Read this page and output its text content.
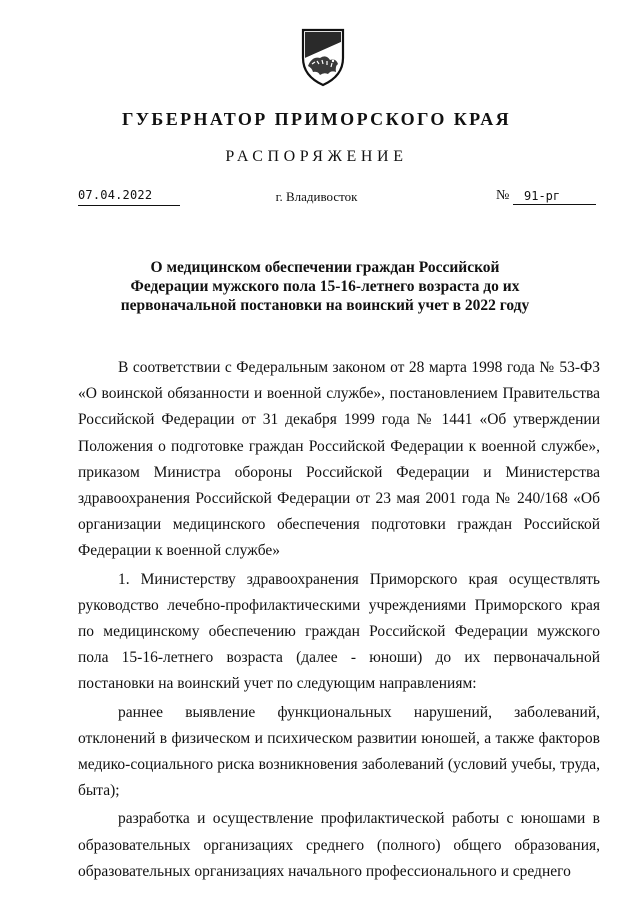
ГУБЕРНАТОР ПРИМОРСКОГО КРАЯ
РАСПОРЯЖЕНИЕ
07.04.2022	г. Владивосток	№ 91-рг
О медицинском обеспечении граждан Российской Федерации мужского пола 15-16-летнего возраста до их первоначальной постановки на воинский учет в 2022 году

В соответствии с Федеральным законом от 28 марта 1998 года № 53-ФЗ «О воинской обязанности и военной службе», постановлением Правительства Российской Федерации от 31 декабря 1999 года № 1441 «Об утверждении Положения о подготовке граждан Российской Федерации к военной службе», приказом Министра обороны Российской Федерации и Министерства здравоохранения Российской Федерации от 23 мая 2001 года № 240/168 «Об организации медицинского обеспечения подготовки граждан Российской Федерации к военной службе»

1. Министерству здравоохранения Приморского края осуществлять руководство лечебно-профилактическими учреждениями Приморского края по медицинскому обеспечению граждан Российской Федерации мужского пола 15-16-летнего возраста (далее - юноши) до их первоначальной постановки на воинский учет по следующим направлениям:

раннее выявление функциональных нарушений, заболеваний, отклонений в физическом и психическом развитии юношей, а также факторов медико-социального риска возникновения заболеваний (условий учебы, труда, быта);

разработка и осуществление профилактической работы с юношами в образовательных организациях среднего (полного) общего образования, образовательных организациях начального профессионального и среднего
